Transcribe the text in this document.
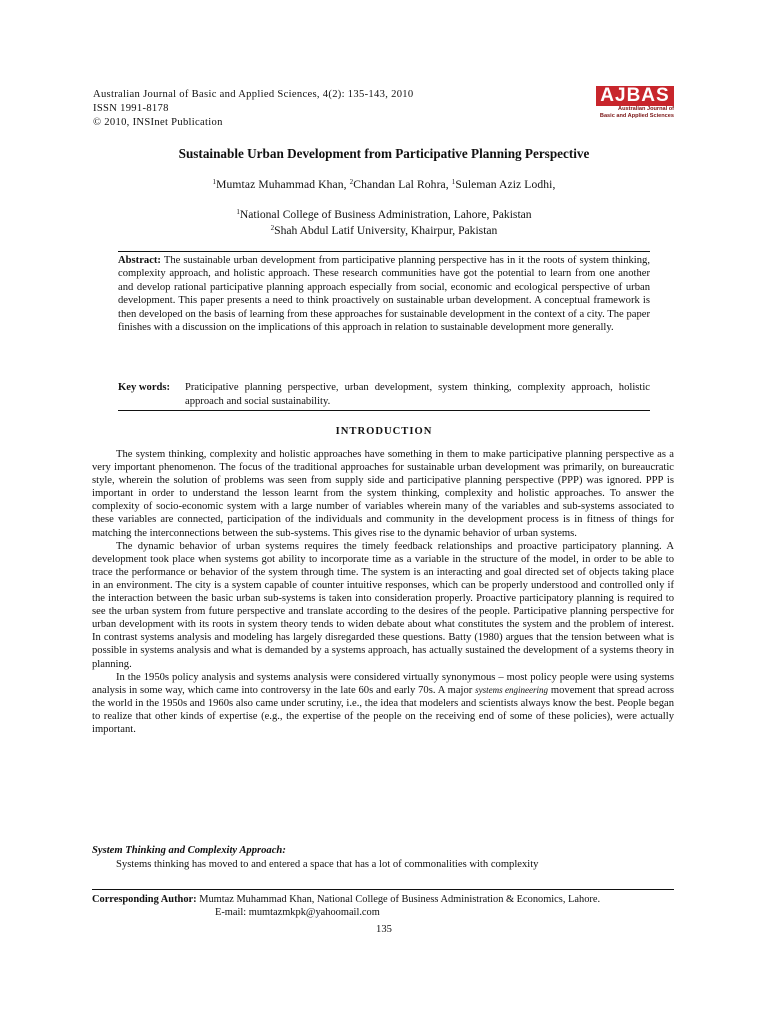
Australian Journal of Basic and Applied Sciences, 4(2): 135-143, 2010
ISSN 1991-8178
© 2010, INSInet Publication
AJBAS
Australian Journal of
Basic and Applied Sciences
Sustainable Urban Development from Participative Planning Perspective
$^1$Mumtaz Muhammad Khan, $^2$Chandan Lal Rohra, $^1$Suleman Aziz Lodhi,
$^1$National College of Business Administration, Lahore, Pakistan
$^2$Shah Abdul Latif University, Khairpur, Pakistan
Abstract: The sustainable urban development from participative planning perspective has in it the roots of system thinking, complexity approach, and holistic approach. These research communities have got the potential to learn from one another and develop rational participative planning approach especially from social, economic and ecological perspective of urban development. This paper presents a need to think proactively on sustainable urban development. A conceptual framework is then developed on the basis of learning from these approaches for sustainable development in the context of a city. The paper finishes with a discussion on the implications of this approach in relation to sustainable development more generally.
Key words: Praticipative planning perspective, urban development, system thinking, complexity approach, holistic approach and social sustainability.
INTRODUCTION

The system thinking, complexity and holistic approaches have something in them to make participative planning perspective as a very important phenomenon. The focus of the traditional approaches for sustainable urban development was primarily, on bureaucratic style, wherein the solution of problems was seen from supply side and participative planning perspective (PPP) was ignored. PPP is important in order to understand the lesson learnt from the system thinking, complexity and holistic approaches. To answer the complexity of socio-economic system with a large number of variables wherein many of the variables and sub-systems associated to these variables are connected, participation of the individuals and community in the development process is in fitness of things for matching the interconnections between the sub-systems. This gives rise to the dynamic behavior of urban systems.

The dynamic behavior of urban systems requires the timely feedback relationships and proactive participatory planning. A development took place when systems got ability to incorporate time as a variable in the structure of the model, in order to be able to trace the performance or behavior of the system through time. The system is an interacting and goal directed set of objects taking place in an environment. The city is a system capable of counter intuitive responses, which can be properly understood and controlled only if the interaction between the basic urban sub-systems is taken into consideration properly. Proactive participatory planning is required to see the urban system from future perspective and translate according to the desires of the people. Participative planning perspective for urban development with its roots in system theory tends to widen debate about what constitutes the system and the problem of interest. In contrast systems analysis and modeling has largely disregarded these questions. Batty (1980) argues that the tension between what is possible in systems analysis and what is demanded by a systems approach, has actually sustained the development of a systems theory in planning.

In the 1950s policy analysis and systems analysis were considered virtually synonymous – most policy people were using systems analysis in some way, which came into controversy in the late 60s and early 70s. A major systems engineering movement that spread across the world in the 1950s and 1960s also came under scrutiny, i.e., the idea that modelers and scientists always know the best. People began to realize that other kinds of expertise (e.g., the expertise of the people on the receiving end of some of these policies), were actually important.

System Thinking and Complexity Approach:
Systems thinking has moved to and entered a space that has a lot of commonalities with complexity
Corresponding Author: Mumtaz Muhammad Khan, National College of Business Administration & Economics, Lahore.
E-mail: mumtazmkpk@yahoomail.com
135
